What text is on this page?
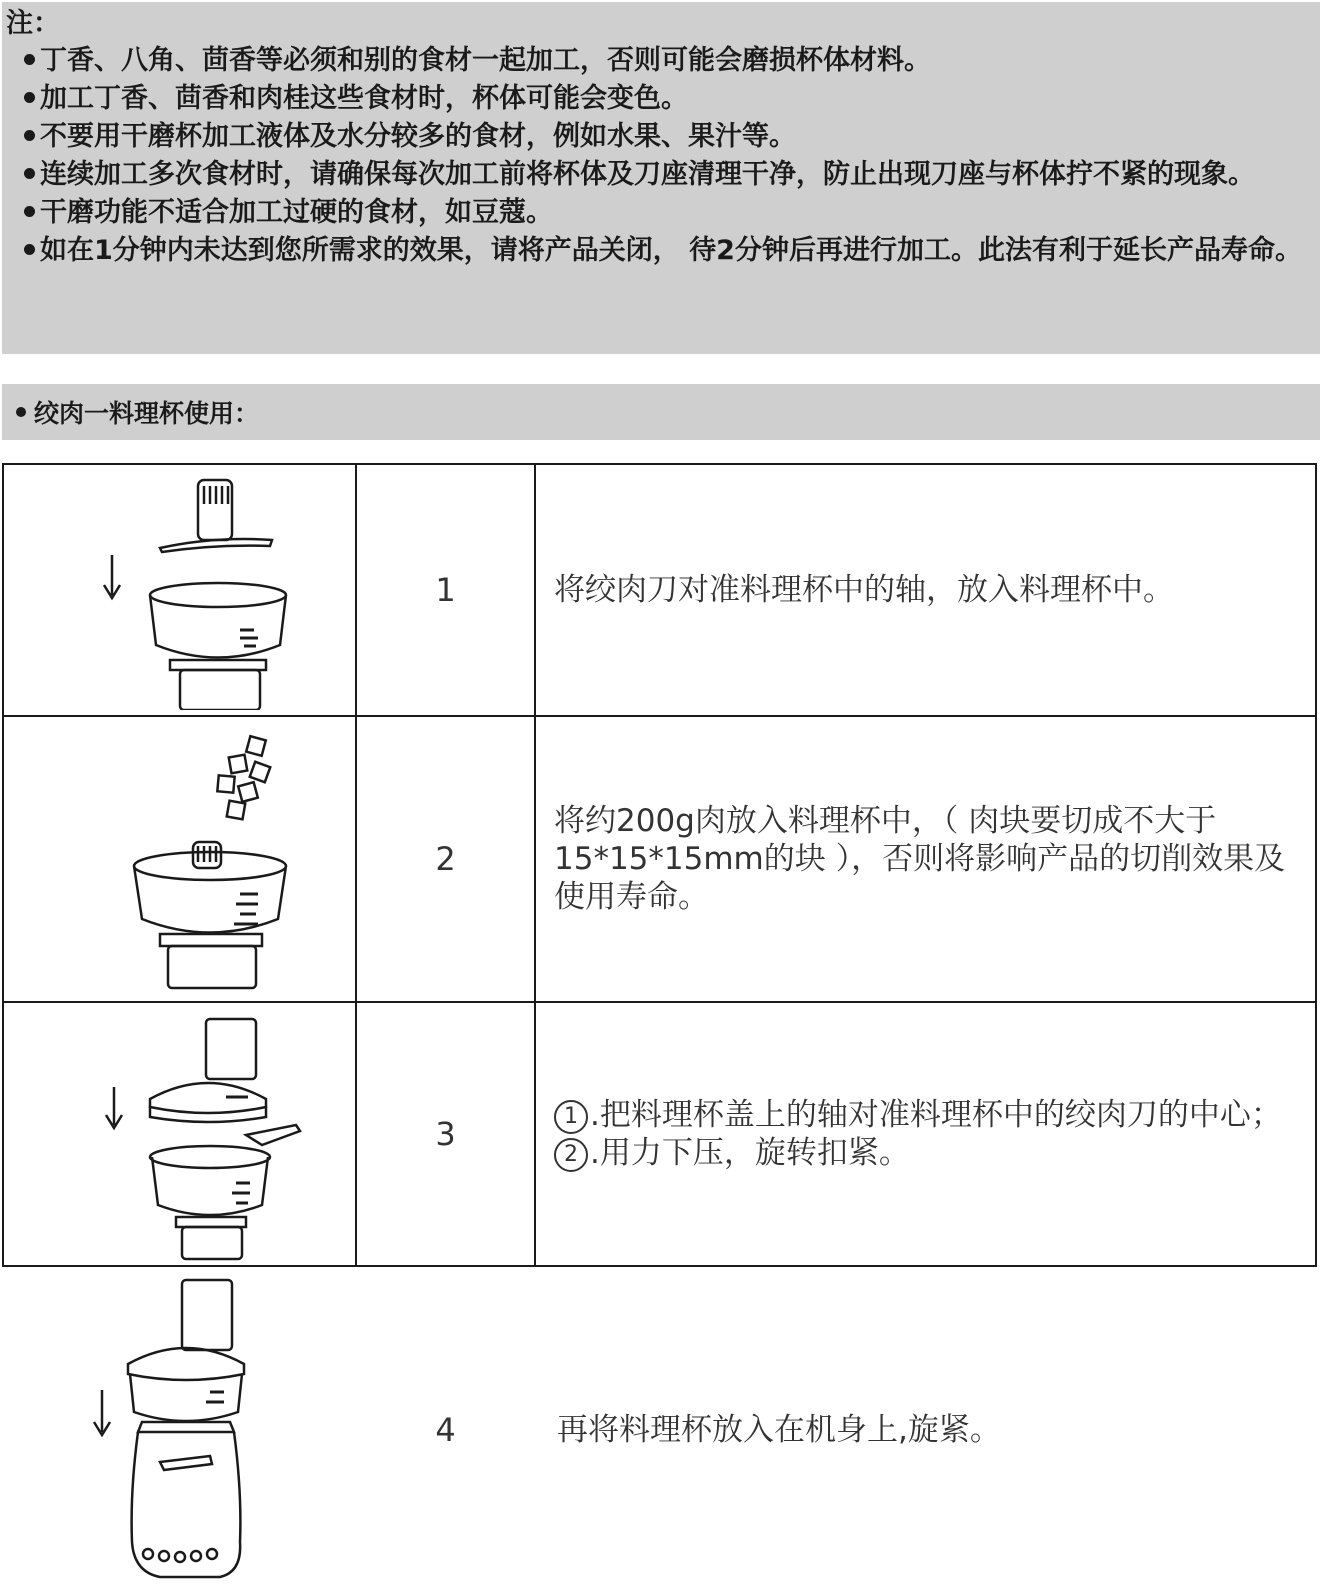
注：
丁香、八角、茴香等必须和别的食材一起加工，否则可能会磨损杯体材料。
加工丁香、茴香和肉桂这些食材时，杯体可能会变色。
不要用干磨杯加工液体及水分较多的食材，例如水果、果汁等。
连续加工多次食材时，请确保每次加工前将杯体及刀座清理干净，防止出现刀座与杯体拧不紧的现象。
干磨功能不适合加工过硬的食材，如豆蔻。
如在1分钟内未达到您所需求的效果，请将产品关闭， 待2分钟后再进行加工。此法有利于延长产品寿命。
绞肉一料理杯使用：
	1	将绞肉刀对准料理杯中的轴，放入料理杯中。

	2	将约200g肉放入料理杯中，（ 肉块要切成不大于15*15*15mm的块 ），否则将影响产品的切削效果及使用寿命。

	3	1 .把料理杯盖上的轴对准料理杯中的绞肉刀的中心；
2 .用力下压，旋转扣紧。

	4	再将料理杯放入在机身上,旋紧。
